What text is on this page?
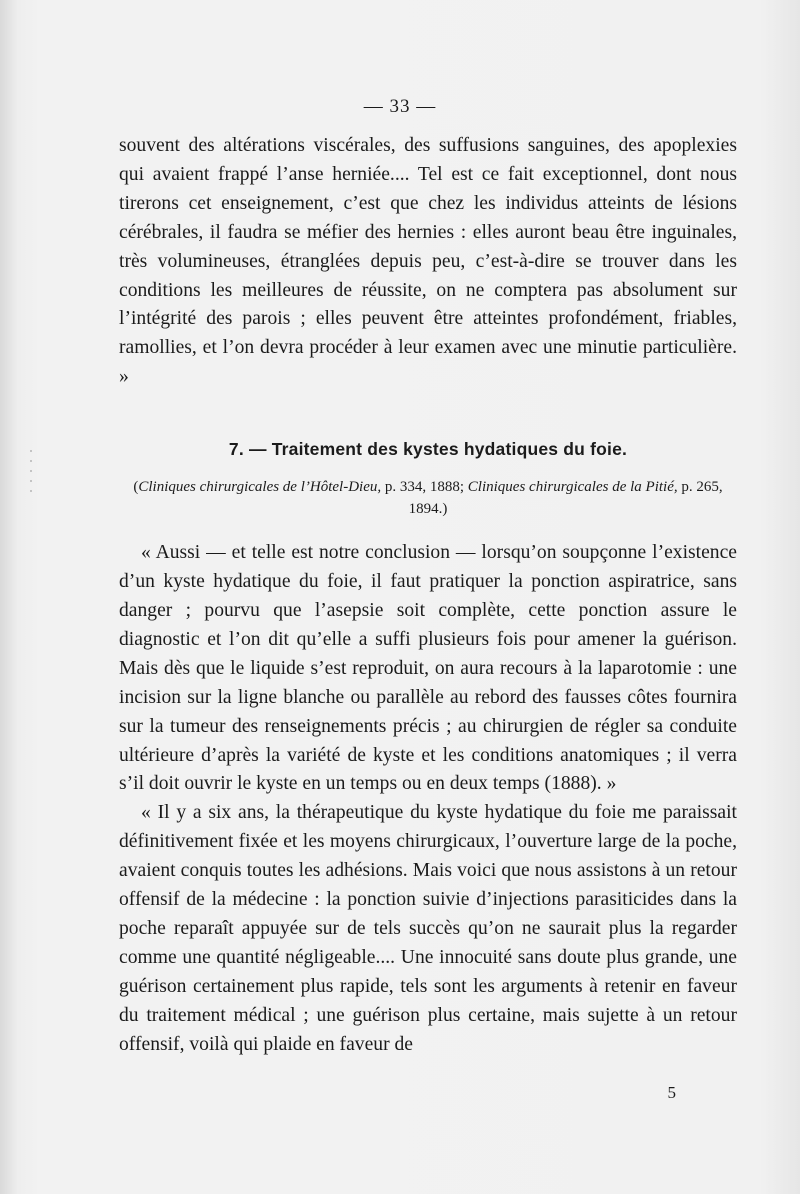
— 33 —

souvent des altérations viscérales, des suffusions sanguines, des apoplexies qui avaient frappé l’anse herniée.... Tel est ce fait exceptionnel, dont nous tirerons cet enseignement, c’est que chez les individus atteints de lésions cérébrales, il faudra se méfier des hernies : elles auront beau être inguinales, très volumineuses, étranglées depuis peu, c’est-à-dire se trouver dans les conditions les meilleures de réussite, on ne comptera pas absolument sur l’intégrité des parois ; elles peuvent être atteintes profondément, friables, ramollies, et l’on devra procéder à leur examen avec une minutie particulière. »

7. — Traitement des kystes hydatiques du foie.
(Cliniques chirurgicales de l’Hôtel-Dieu, p. 334, 1888; Cliniques chirurgicales de la Pitié, p. 265, 1894.)

« Aussi — et telle est notre conclusion — lorsqu’on soupçonne l’existence d’un kyste hydatique du foie, il faut pratiquer la ponction aspiratrice, sans danger ; pourvu que l’asepsie soit complète, cette ponction assure le diagnostic et l’on dit qu’elle a suffi plusieurs fois pour amener la guérison. Mais dès que le liquide s’est reproduit, on aura recours à la laparotomie : une incision sur la ligne blanche ou parallèle au rebord des fausses côtes fournira sur la tumeur des renseignements précis ; au chirurgien de régler sa conduite ultérieure d’après la variété de kyste et les conditions anatomiques ; il verra s’il doit ouvrir le kyste en un temps ou en deux temps (1888). »

« Il y a six ans, la thérapeutique du kyste hydatique du foie me paraissait définitivement fixée et les moyens chirurgicaux, l’ouverture large de la poche, avaient conquis toutes les adhésions. Mais voici que nous assistons à un retour offensif de la médecine : la ponction suivie d’injections parasiticides dans la poche reparaît appuyée sur de tels succès qu’on ne saurait plus la regarder comme une quantité négligeable.... Une innocuité sans doute plus grande, une guérison certainement plus rapide, tels sont les arguments à retenir en faveur du traitement médical ; une guérison plus certaine, mais sujette à un retour offensif, voilà qui plaide en faveur de

5
